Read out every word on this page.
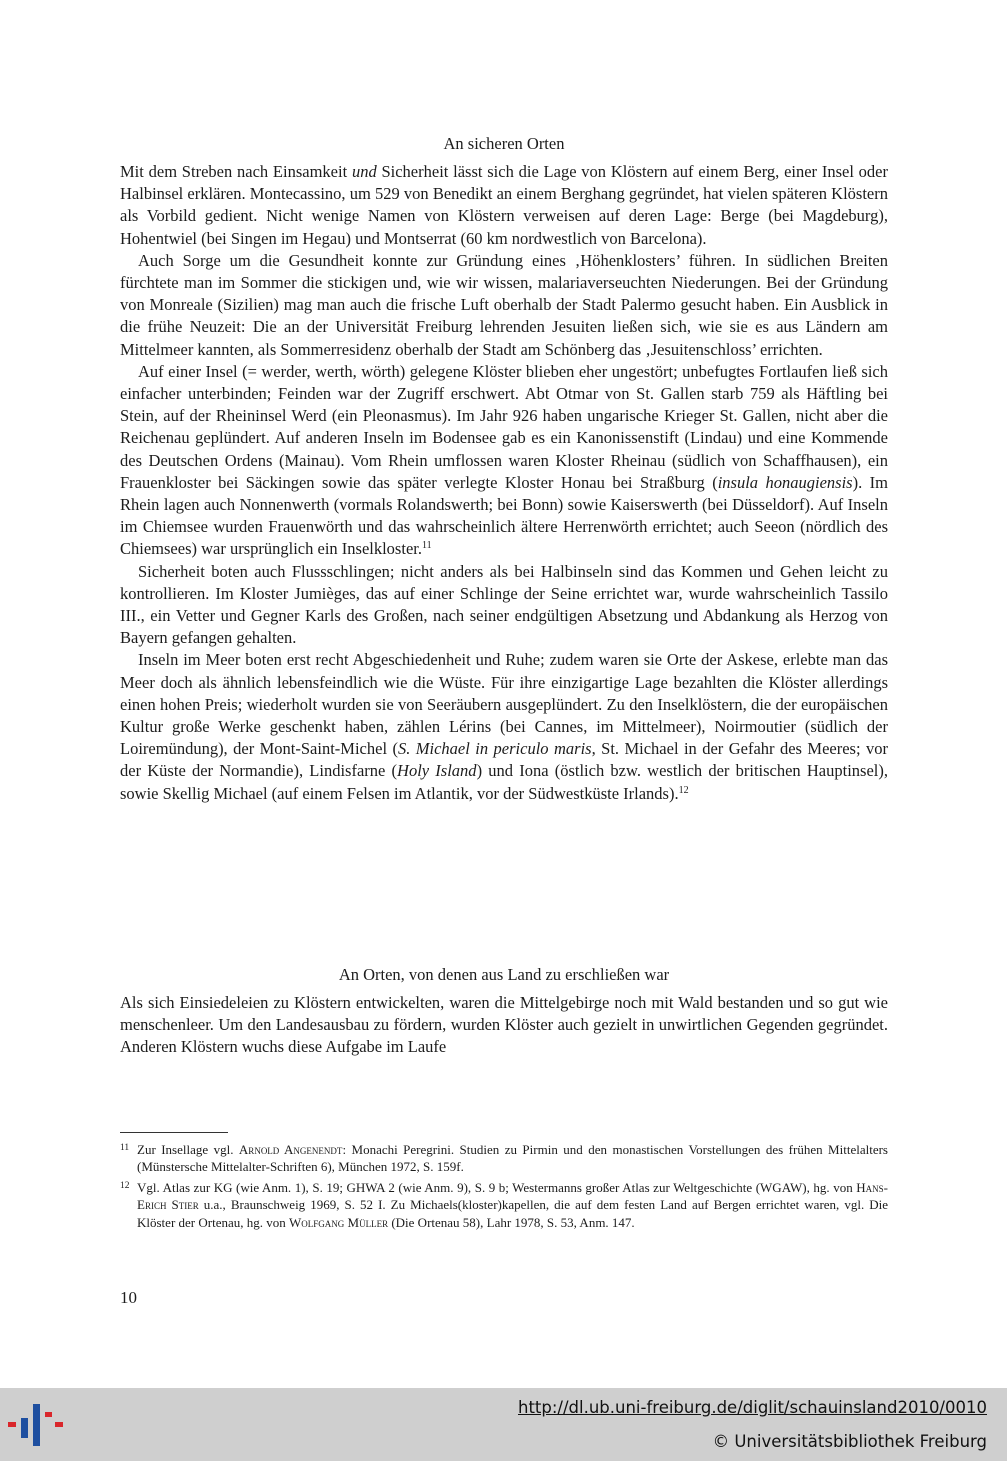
An sicheren Orten

Mit dem Streben nach Einsamkeit und Sicherheit lässt sich die Lage von Klöstern auf einem Berg, einer Insel oder Halbinsel erklären. Montecassino, um 529 von Benedikt an einem Berghang gegründet, hat vielen späteren Klöstern als Vorbild gedient. Nicht wenige Namen von Klöstern verweisen auf deren Lage: Berge (bei Magdeburg), Hohentwiel (bei Singen im Hegau) und Montserrat (60 km nordwestlich von Barcelona).

Auch Sorge um die Gesundheit konnte zur Gründung eines ‚Höhenklosters’ führen. In südlichen Breiten fürchtete man im Sommer die stickigen und, wie wir wissen, malariaverseuchten Niederungen. Bei der Gründung von Monreale (Sizilien) mag man auch die frische Luft oberhalb der Stadt Palermo gesucht haben. Ein Ausblick in die frühe Neuzeit: Die an der Universität Freiburg lehrenden Jesuiten ließen sich, wie sie es aus Ländern am Mittelmeer kannten, als Sommerresidenz oberhalb der Stadt am Schönberg das ‚Jesuitenschloss’ errichten.

Auf einer Insel (= werder, werth, wörth) gelegene Klöster blieben eher ungestört; unbefugtes Fortlaufen ließ sich einfacher unterbinden; Feinden war der Zugriff erschwert. Abt Otmar von St. Gallen starb 759 als Häftling bei Stein, auf der Rheininsel Werd (ein Pleonasmus). Im Jahr 926 haben ungarische Krieger St. Gallen, nicht aber die Reichenau geplündert. Auf anderen Inseln im Bodensee gab es ein Kanonissenstift (Lindau) und eine Kommende des Deutschen Ordens (Mainau). Vom Rhein umflossen waren Kloster Rheinau (südlich von Schaffhausen), ein Frauenkloster bei Säckingen sowie das später verlegte Kloster Honau bei Straßburg (insula honaugiensis). Im Rhein lagen auch Nonnenwerth (vormals Rolandswerth; bei Bonn) sowie Kaiserswerth (bei Düsseldorf). Auf Inseln im Chiemsee wurden Frauenwörth und das wahrscheinlich ältere Herrenwörth errichtet; auch Seeon (nördlich des Chiemsees) war ursprünglich ein Inselkloster.$^{11}$

Sicherheit boten auch Flussschlingen; nicht anders als bei Halbinseln sind das Kommen und Gehen leicht zu kontrollieren. Im Kloster Jumièges, das auf einer Schlinge der Seine errichtet war, wurde wahrscheinlich Tassilo III., ein Vetter und Gegner Karls des Großen, nach seiner endgültigen Absetzung und Abdankung als Herzog von Bayern gefangen gehalten.

Inseln im Meer boten erst recht Abgeschiedenheit und Ruhe; zudem waren sie Orte der Askese, erlebte man das Meer doch als ähnlich lebensfeindlich wie die Wüste. Für ihre einzigartige Lage bezahlten die Klöster allerdings einen hohen Preis; wiederholt wurden sie von Seeräubern ausgeplündert. Zu den Inselklöstern, die der europäischen Kultur große Werke geschenkt haben, zählen Lérins (bei Cannes, im Mittelmeer), Noirmoutier (südlich der Loiremündung), der Mont-Saint-Michel (S. Michael in periculo maris, St. Michael in der Gefahr des Meeres; vor der Küste der Normandie), Lindisfarne (Holy Island) und Iona (östlich bzw. westlich der britischen Hauptinsel), sowie Skellig Michael (auf einem Felsen im Atlantik, vor der Südwestküste Irlands).$^{12}$

An Orten, von denen aus Land zu erschließen war

Als sich Einsiedeleien zu Klöstern entwickelten, waren die Mittelgebirge noch mit Wald bestanden und so gut wie menschenleer. Um den Landesausbau zu fördern, wurden Klöster auch gezielt in unwirtlichen Gegenden gegründet. Anderen Klöstern wuchs diese Aufgabe im Laufe

11 Zur Insellage vgl. Arnold Angenendt: Monachi Peregrini. Studien zu Pirmin und den monastischen Vorstellungen des frühen Mittelalters (Münstersche Mittelalter-Schriften 6), München 1972, S. 159f.
12 Vgl. Atlas zur KG (wie Anm. 1), S. 19; GHWA 2 (wie Anm. 9), S. 9 b; Westermanns großer Atlas zur Weltgeschichte (WGAW), hg. von Hans-Erich Stier u.a., Braunschweig 1969, S. 52 I. Zu Michaels(kloster)kapellen, die auf dem festen Land auf Bergen errichtet waren, vgl. Die Klöster der Ortenau, hg. von Wolfgang Müller (Die Ortenau 58), Lahr 1978, S. 53, Anm. 147.
10
http://dl.ub.uni-freiburg.de/diglit/schauinsland2010/0010
© Universitätsbibliothek Freiburg
